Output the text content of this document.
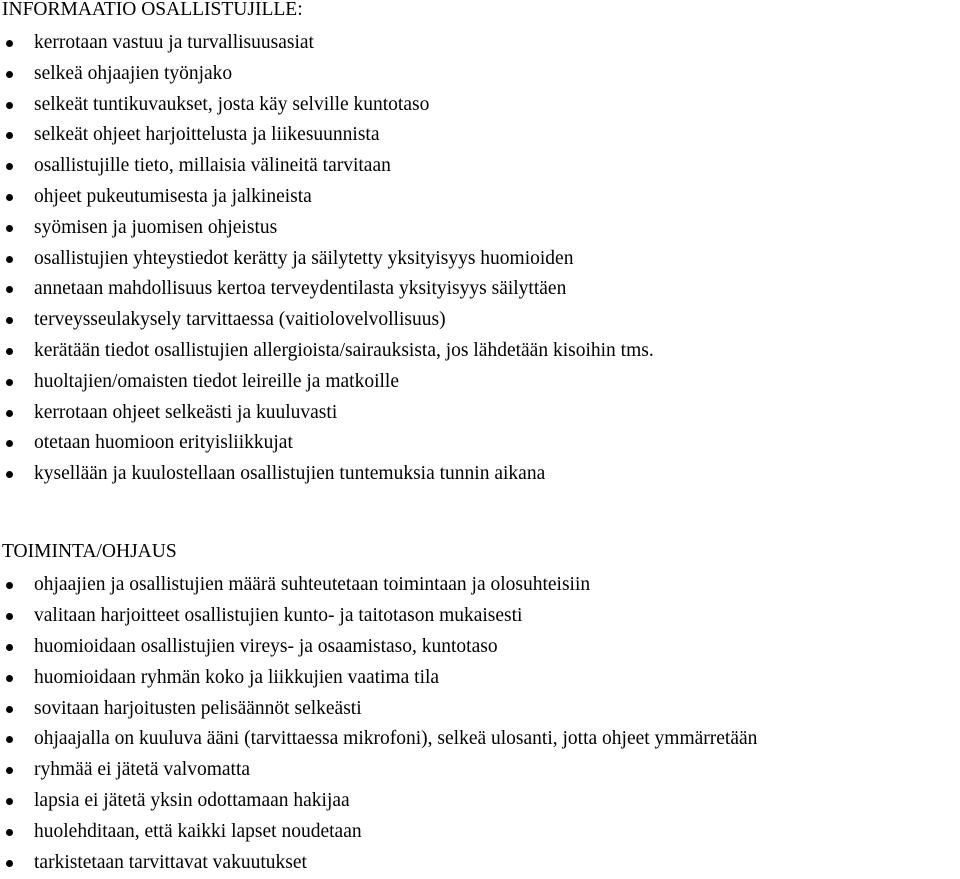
INFORMAATIO OSALLISTUJILLE:
kerrotaan vastuu ja turvallisuusasiat
selkeä ohjaajien työnjako
selkeät tuntikuvaukset, josta käy selville kuntotaso
selkeät ohjeet harjoittelusta ja liikesuunnista
osallistujille tieto, millaisia välineitä tarvitaan
ohjeet pukeutumisesta ja jalkineista
syömisen ja juomisen ohjeistus
osallistujien yhteystiedot kerätty ja säilytetty yksityisyys huomioiden
annetaan mahdollisuus kertoa terveydentilasta yksityisyys säilyttäen
terveysseulakysely tarvittaessa (vaitiolovelvollisuus)
kerätään tiedot osallistujien allergioista/sairauksista, jos lähdetään kisoihin tms.
huoltajien/omaisten tiedot leireille ja matkoille
kerrotaan ohjeet selkeästi ja kuuluvasti
otetaan huomioon erityisliikkujat
kysellään ja kuulostellaan osallistujien tuntemuksia tunnin aikana
TOIMINTA/OHJAUS
ohjaajien ja osallistujien määrä suhteutetaan toimintaan ja olosuhteisiin
valitaan harjoitteet osallistujien kunto- ja taitotason mukaisesti
huomioidaan osallistujien vireys- ja osaamistaso, kuntotaso
huomioidaan ryhmän koko ja liikkujien vaatima tila
sovitaan harjoitusten pelisäännöt selkeästi
ohjaajalla on kuuluva ääni (tarvittaessa mikrofoni), selkeä ulosanti, jotta ohjeet ymmärretään
ryhmää ei jätetä valvomatta
lapsia ei jätetä yksin odottamaan hakijaa
huolehditaan, että kaikki lapset noudetaan
tarkistetaan tarvittavat vakuutukset
